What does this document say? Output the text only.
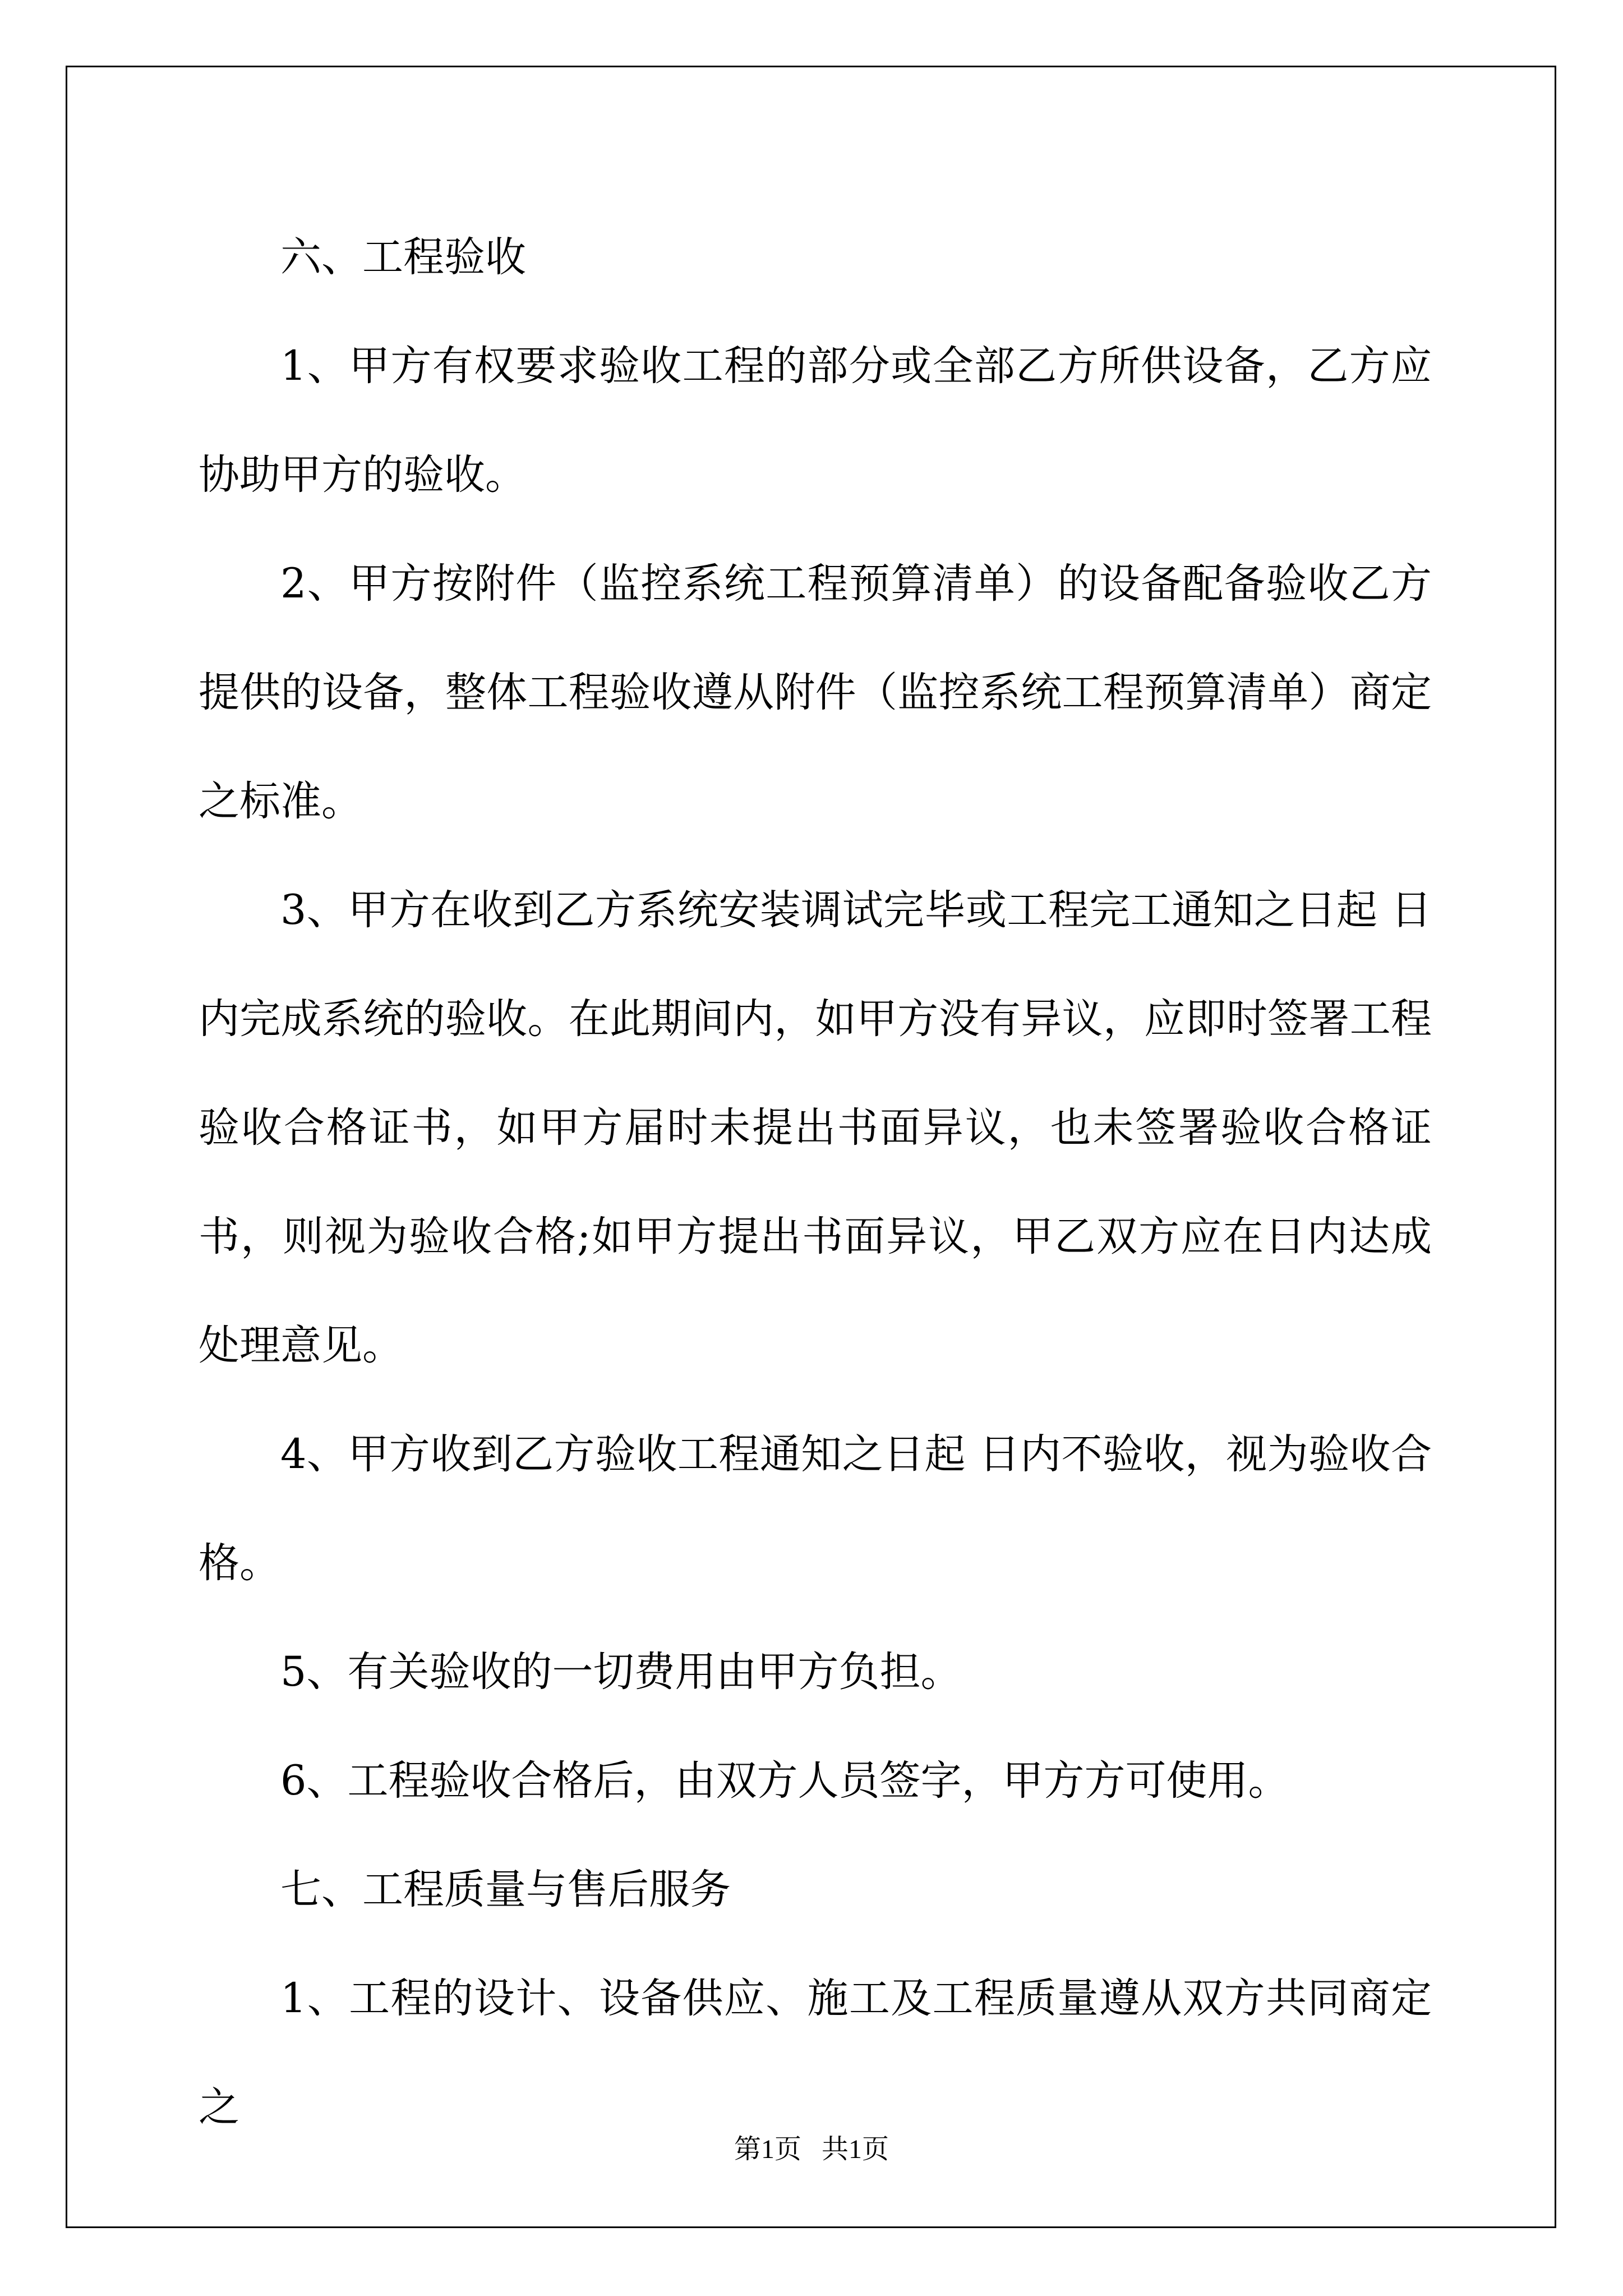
六、工程验收

1、甲方有权要求验收工程的部分或全部乙方所供设备，乙方应协助甲方的验收。

2、甲方按附件（监控系统工程预算清单）的设备配备验收乙方提供的设备，整体工程验收遵从附件（监控系统工程预算清单）商定之标准。

3、甲方在收到乙方系统安装调试完毕或工程完工通知之日起 日内完成系统的验收。在此期间内，如甲方没有异议，应即时签署工程验收合格证书，如甲方届时未提出书面异议，也未签署验收合格证书，则视为验收合格;如甲方提出书面异议，甲乙双方应在日内达成处理意见。

4、甲方收到乙方验收工程通知之日起 日内不验收，视为验收合格。

5、有关验收的一切费用由甲方负担。

6、工程验收合格后，由双方人员签字，甲方方可使用。

七、工程质量与售后服务

1、工程的设计、设备供应、施工及工程质量遵从双方共同商定之

第1页 共1页
